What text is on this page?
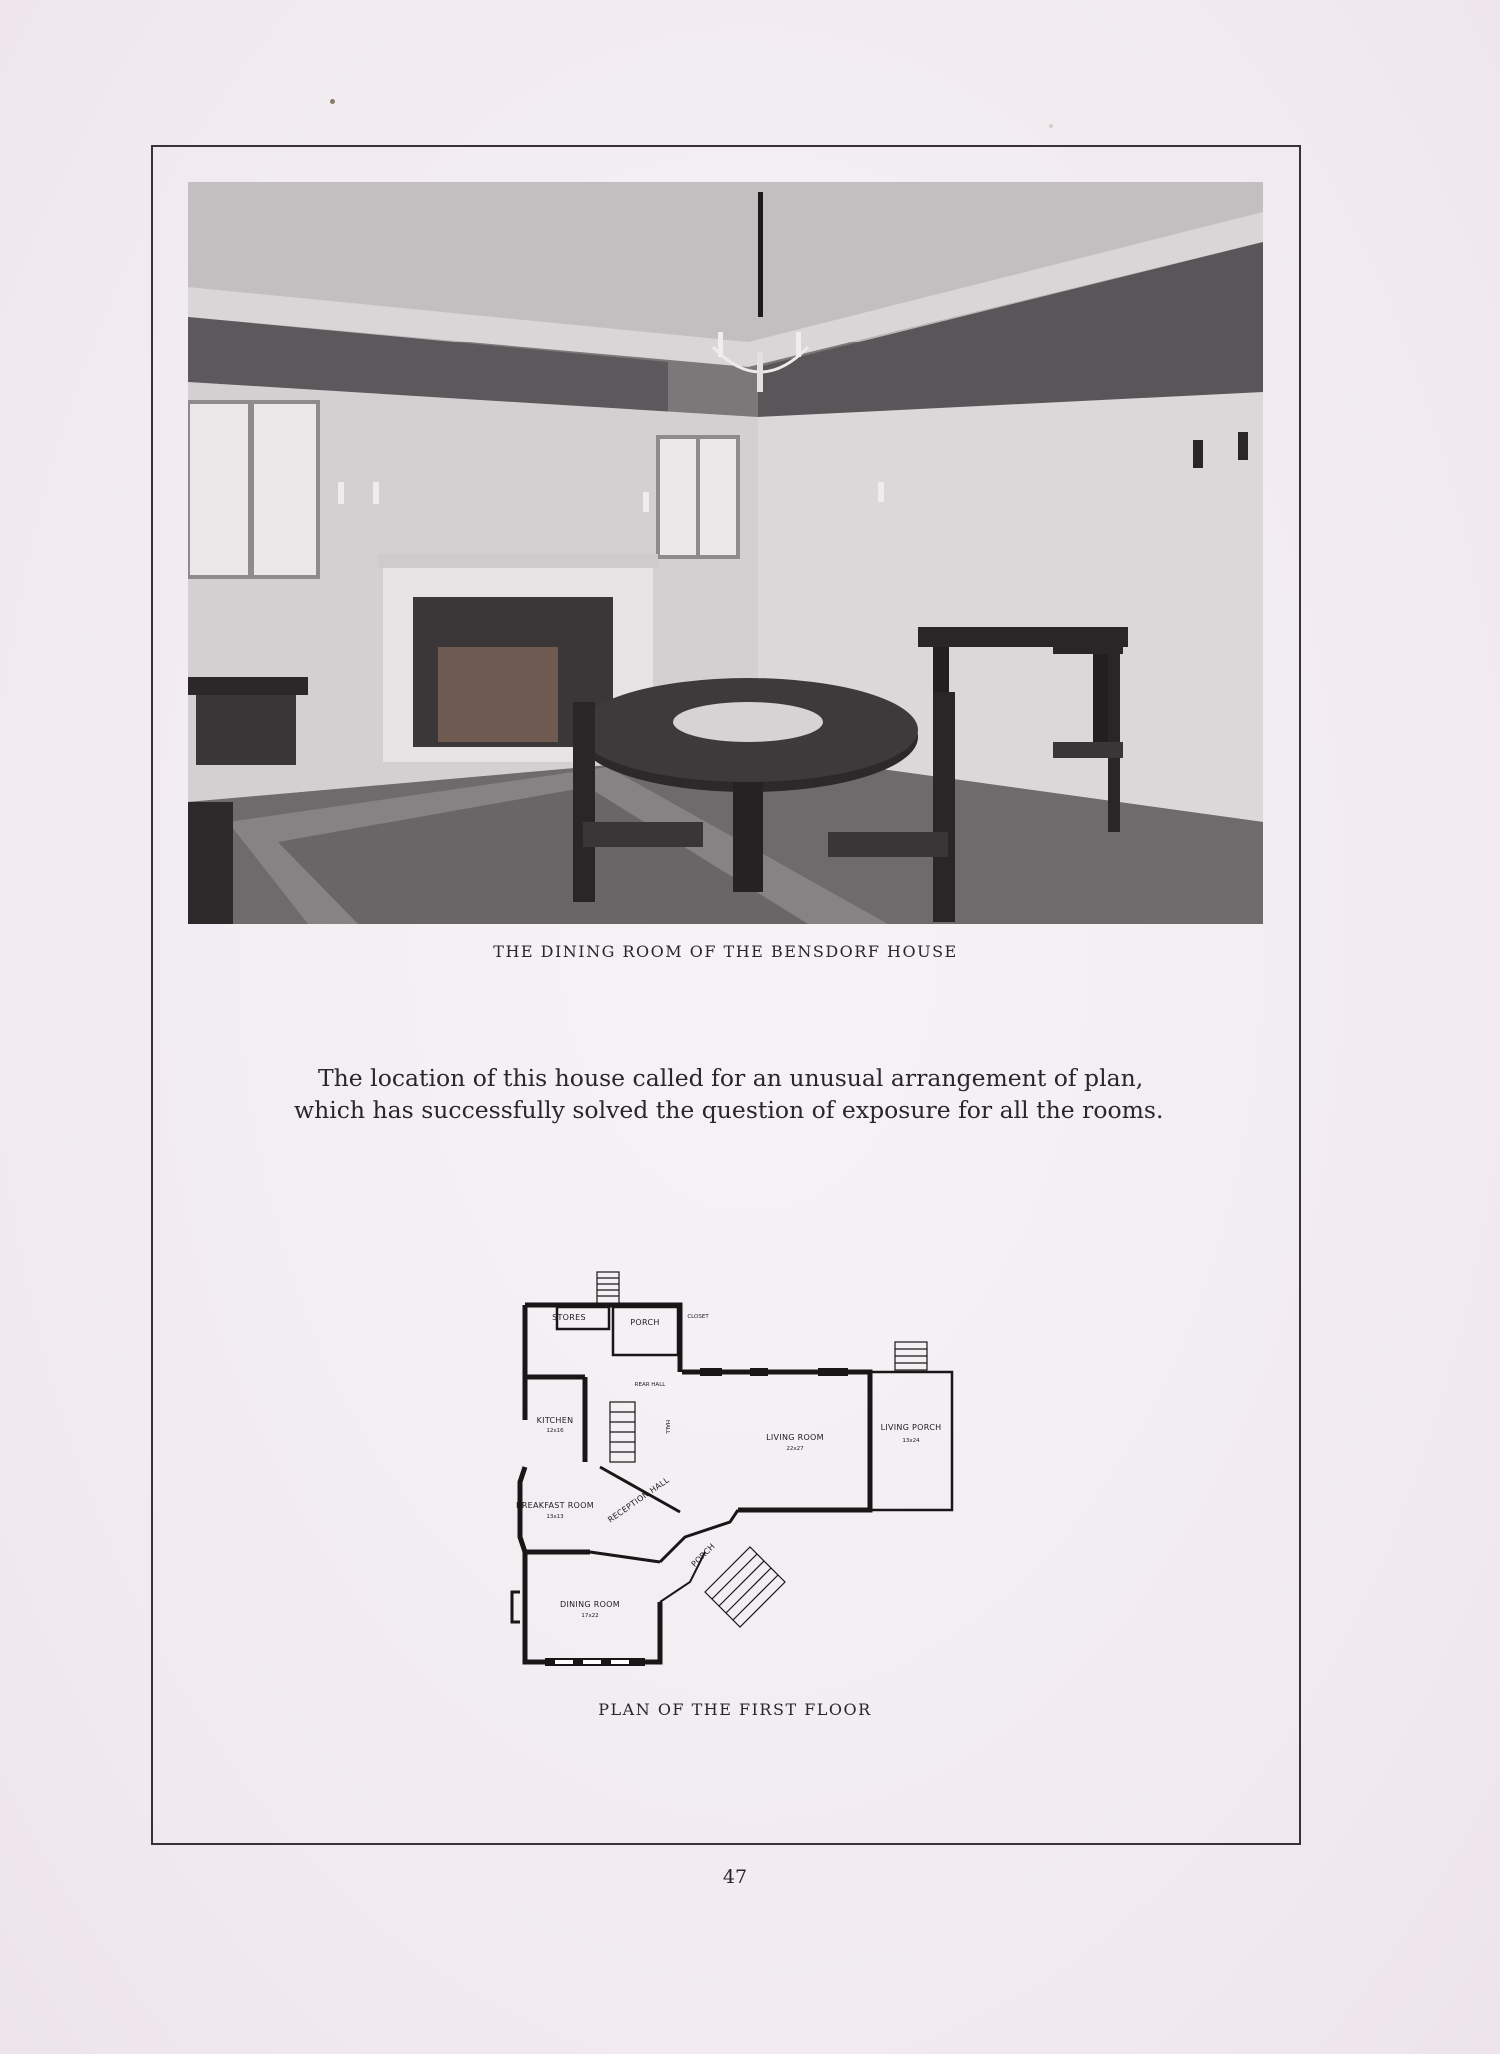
THE DINING ROOM OF THE BENSDORF HOUSE
The location of this house called for an unusual arrangement of plan,
which has successfully solved the question of exposure for all the rooms.
STORES
PORCH
CLOSET
REAR HALL
KITCHEN
12x16	HALL
LIVING ROOM
22x27
LIVING PORCH
13x24
BREAKFAST ROOM
13x13	RECEPTION HALL
PORCH
DINING ROOM
17x22
PLAN OF THE FIRST FLOOR
47
